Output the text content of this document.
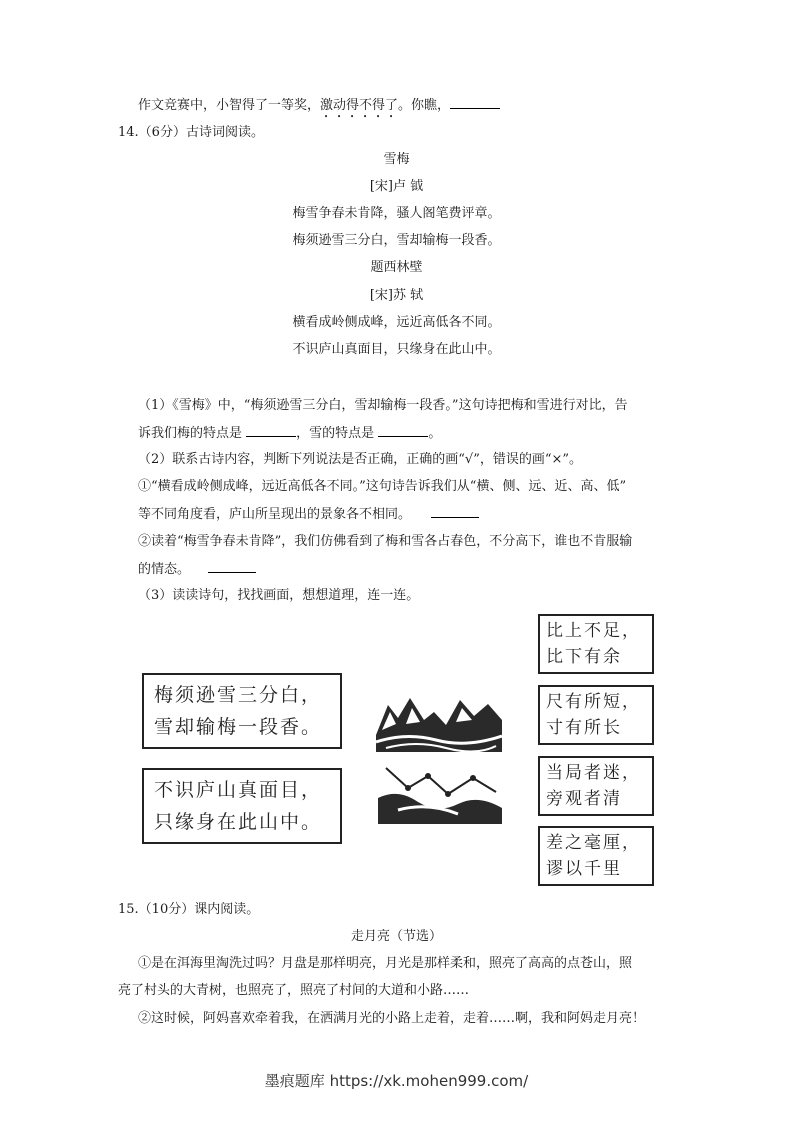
作文竞赛中，小智得了一等奖，激动得不得了。你瞧，
14.（6分）古诗词阅读。
雪梅
[宋]卢 钺
梅雪争春未肯降，骚人阁笔费评章。
梅须逊雪三分白，雪却输梅一段香。
题西林壁
[宋]苏 轼
横看成岭侧成峰，远近高低各不同。
不识庐山真面目，只缘身在此山中。
（1）《雪梅》中，“梅须逊雪三分白，雪却输梅一段香。”这句诗把梅和雪进行对比，告
诉我们梅的特点是	，雪的特点是	。
（2）联系古诗内容，判断下列说法是否正确，正确的画“√”，错误的画“×”。
①“横看成岭侧成峰，远近高低各不同。”这句诗告诉我们从“横、侧、远、近、高、低”
等不同角度看，庐山所呈现出的景象各不相同。
②读着“梅雪争春未肯降”，我们仿佛看到了梅和雪各占春色，不分高下，谁也不肯服输
的情态。
（3）读读诗句，找找画面，想想道理，连一连。
梅须逊雪三分白，
雪却输梅一段香。
不识庐山真面目，
只缘身在此山中。
比上不足，
比下有余
尺有所短，
寸有所长
当局者迷，
旁观者清
差之毫厘，
谬以千里
15.（10分）课内阅读。
走月亮（节选）
①是在洱海里淘洗过吗？月盘是那样明亮，月光是那样柔和，照亮了高高的点苍山，照
亮了村头的大青树，也照亮了，照亮了村间的大道和小路……
②这时候，阿妈喜欢牵着我，在洒满月光的小路上走着，走着……啊，我和阿妈走月亮！
墨痕题库 https://xk.mohen999.com/
